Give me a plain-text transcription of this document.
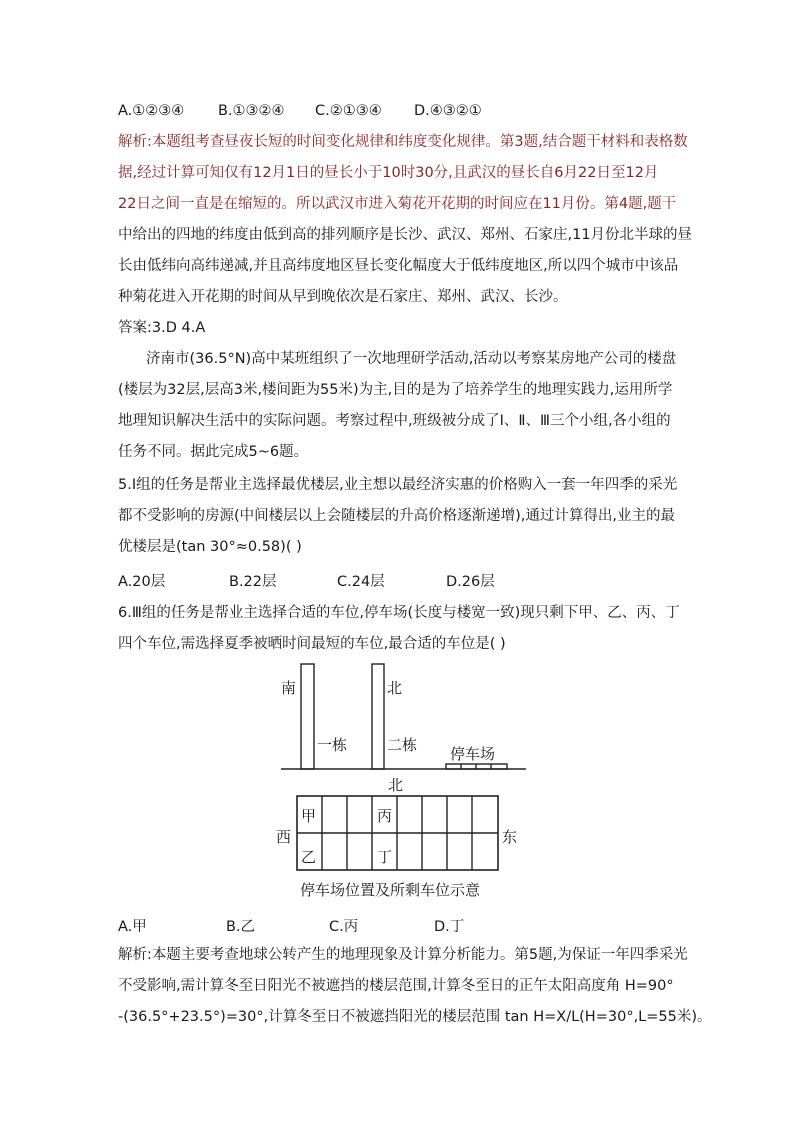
A.①②③④ B.①③②④ C.②①③④ D.④③②①
解析:本题组考查昼夜长短的时间变化规律和纬度变化规律。第3题,结合题干材料和表格数
据,经过计算可知仅有12月1日的昼长小于10时30分,且武汉的昼长自6月22日至12月
22日之间一直是在缩短的。所以武汉市进入菊花开花期的时间应在11月份。第4题,题干
中给出的四地的纬度由低到高的排列顺序是长沙、武汉、郑州、石家庄,11月份北半球的昼
长由低纬向高纬递减,并且高纬度地区昼长变化幅度大于低纬度地区,所以四个城市中该品
种菊花进入开花期的时间从早到晚依次是石家庄、郑州、武汉、长沙。
答案:3.D 4.A
济南市(36.5°N)高中某班组织了一次地理研学活动,活动以考察某房地产公司的楼盘
(楼层为32层,层高3米,楼间距为55米)为主,目的是为了培养学生的地理实践力,运用所学
地理知识解决生活中的实际问题。考察过程中,班级被分成了Ⅰ、Ⅱ、Ⅲ三个小组,各小组的
任务不同。据此完成5~6题。
5.Ⅰ组的任务是帮业主选择最优楼层,业主想以最经济实惠的价格购入一套一年四季的采光
都不受影响的房源(中间楼层以上会随楼层的升高价格逐渐递增),通过计算得出,业主的最
优楼层是(tan 30°≈0.58)( )
A.20层	B.22层	C.24层	D.26层
6.Ⅲ组的任务是帮业主选择合适的车位,停车场(长度与楼宽一致)现只剩下甲、乙、丙、丁
四个车位,需选择夏季被晒时间最短的车位,最合适的车位是( )
南	北
一栋	二栋 停车场
北
西	东
甲	丙
乙	丁
停车场位置及所剩车位示意
A.甲	B.乙	C.丙	D.丁
解析:本题主要考查地球公转产生的地理现象及计算分析能力。第5题,为保证一年四季采光
不受影响,需计算冬至日阳光不被遮挡的楼层范围,计算冬至日的正午太阳高度角 H=90°
-(36.5°+23.5°)=30°,计算冬至日不被遮挡阳光的楼层范围 tan H=X/L(H=30°,L=55米)。
